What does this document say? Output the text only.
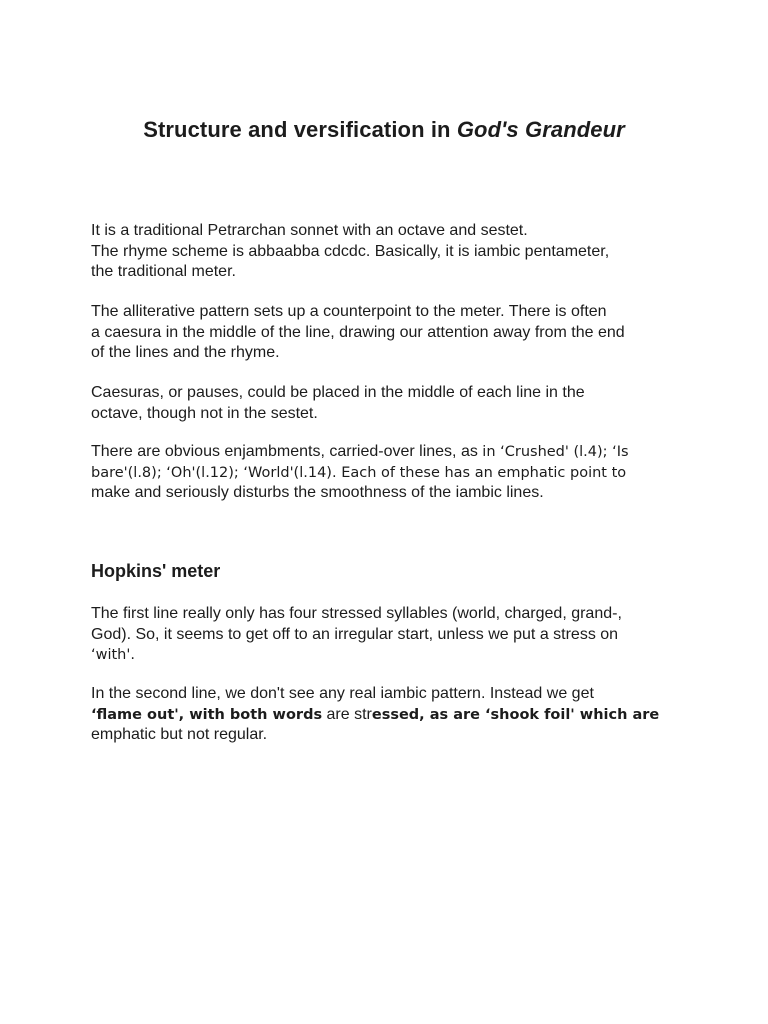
Structure and versification in God's Grandeur

It is a traditional Petrarchan sonnet with an octave and sestet.
The rhyme scheme is abbaabba cdcdc. Basically, it is iambic pentameter,
the traditional meter.

The alliterative pattern sets up a counterpoint to the meter. There is often
a caesura in the middle of the line, drawing our attention away from the end
of the lines and the rhyme.

Caesuras, or pauses, could be placed in the middle of each line in the
octave, though not in the sestet.

There are obvious enjambments, carried-over lines, as in ‘Crushed' (l.4); ‘Is
bare'(l.8); ‘Oh'(l.12); ‘World'(l.14). Each of these has an emphatic point to
make and seriously disturbs the smoothness of the iambic lines.

Hopkins' meter

The first line really only has four stressed syllables (world, charged, grand-,
God). So, it seems to get off to an irregular start, unless we put a stress on
‘with'.

In the second line, we don't see any real iambic pattern. Instead we get
‘flame out', with both words are stressed, as are ‘shook foil' which are
emphatic but not regular.
